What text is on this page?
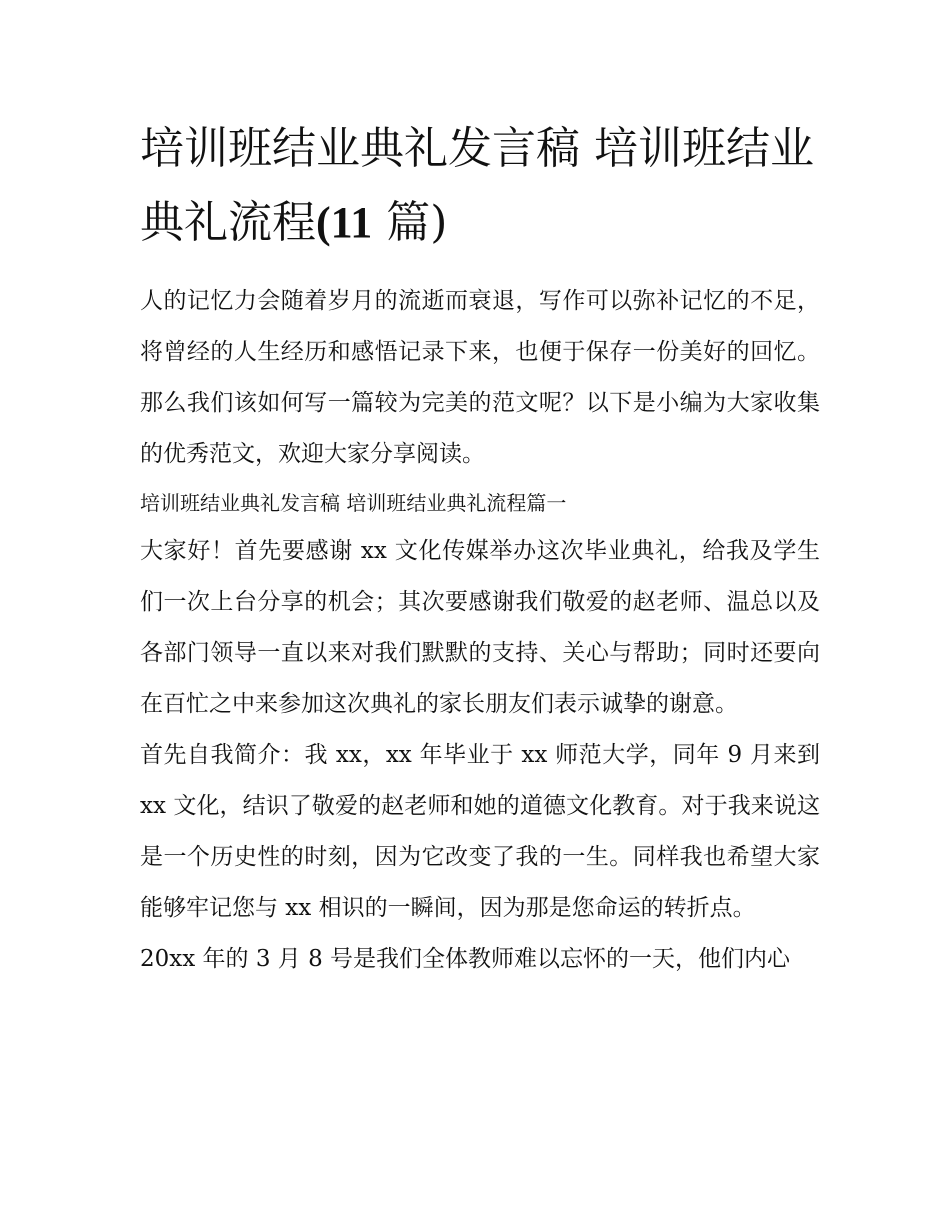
培训班结业典礼发言稿 培训班结业典礼流程(11 篇)

人的记忆力会随着岁月的流逝而衰退，写作可以弥补记忆的不足，将曾经的人生经历和感悟记录下来，也便于保存一份美好的回忆。那么我们该如何写一篇较为完美的范文呢？以下是小编为大家收集的优秀范文，欢迎大家分享阅读。

培训班结业典礼发言稿 培训班结业典礼流程篇一

大家好！首先要感谢 xx 文化传媒举办这次毕业典礼，给我及学生们一次上台分享的机会；其次要感谢我们敬爱的赵老师、温总以及各部门领导一直以来对我们默默的支持、关心与帮助；同时还要向在百忙之中来参加这次典礼的家长朋友们表示诚挚的谢意。

首先自我简介：我 xx，xx 年毕业于 xx 师范大学，同年 9 月来到 xx 文化，结识了敬爱的赵老师和她的道德文化教育。对于我来说这是一个历史性的时刻，因为它改变了我的一生。同样我也希望大家能够牢记您与 xx 相识的一瞬间，因为那是您命运的转折点。

20xx 年的 3 月 8 号是我们全体教师难以忘怀的一天，他们内心
